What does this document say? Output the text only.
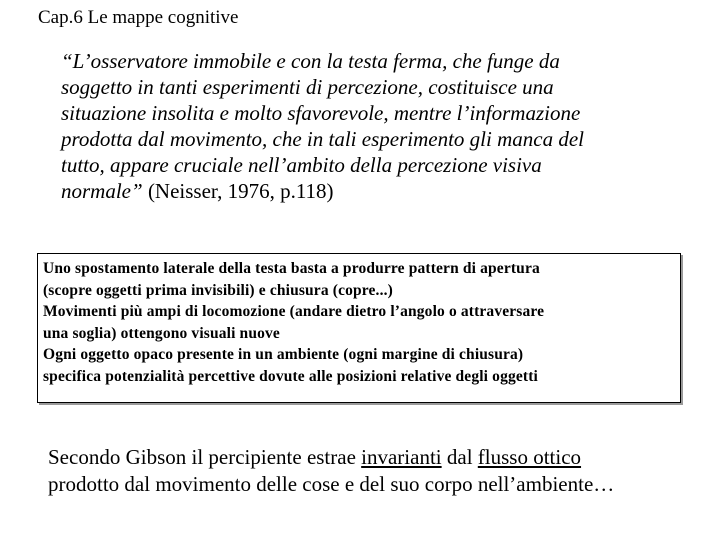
Cap.6 Le mappe cognitive
“L’osservatore immobile e con la testa ferma, che funge da
soggetto in tanti esperimenti di percezione, costituisce una
situazione insolita e molto sfavorevole, mentre l’informazione
prodotta dal movimento, che in tali esperimento gli manca del
tutto, appare cruciale nell’ambito della percezione visiva
normale” (Neisser, 1976, p.118)
Uno spostamento laterale della testa basta a produrre pattern di apertura
(scopre oggetti prima invisibili) e chiusura (copre...)
Movimenti più ampi di locomozione (andare dietro l’angolo o attraversare
una soglia) ottengono visuali nuove
Ogni oggetto opaco presente in un ambiente (ogni margine di chiusura)
specifica potenzialità percettive dovute alle posizioni relative degli oggetti
Secondo Gibson il percipiente estrae invarianti dal flusso ottico
prodotto dal movimento delle cose e del suo corpo nell’ambiente…
